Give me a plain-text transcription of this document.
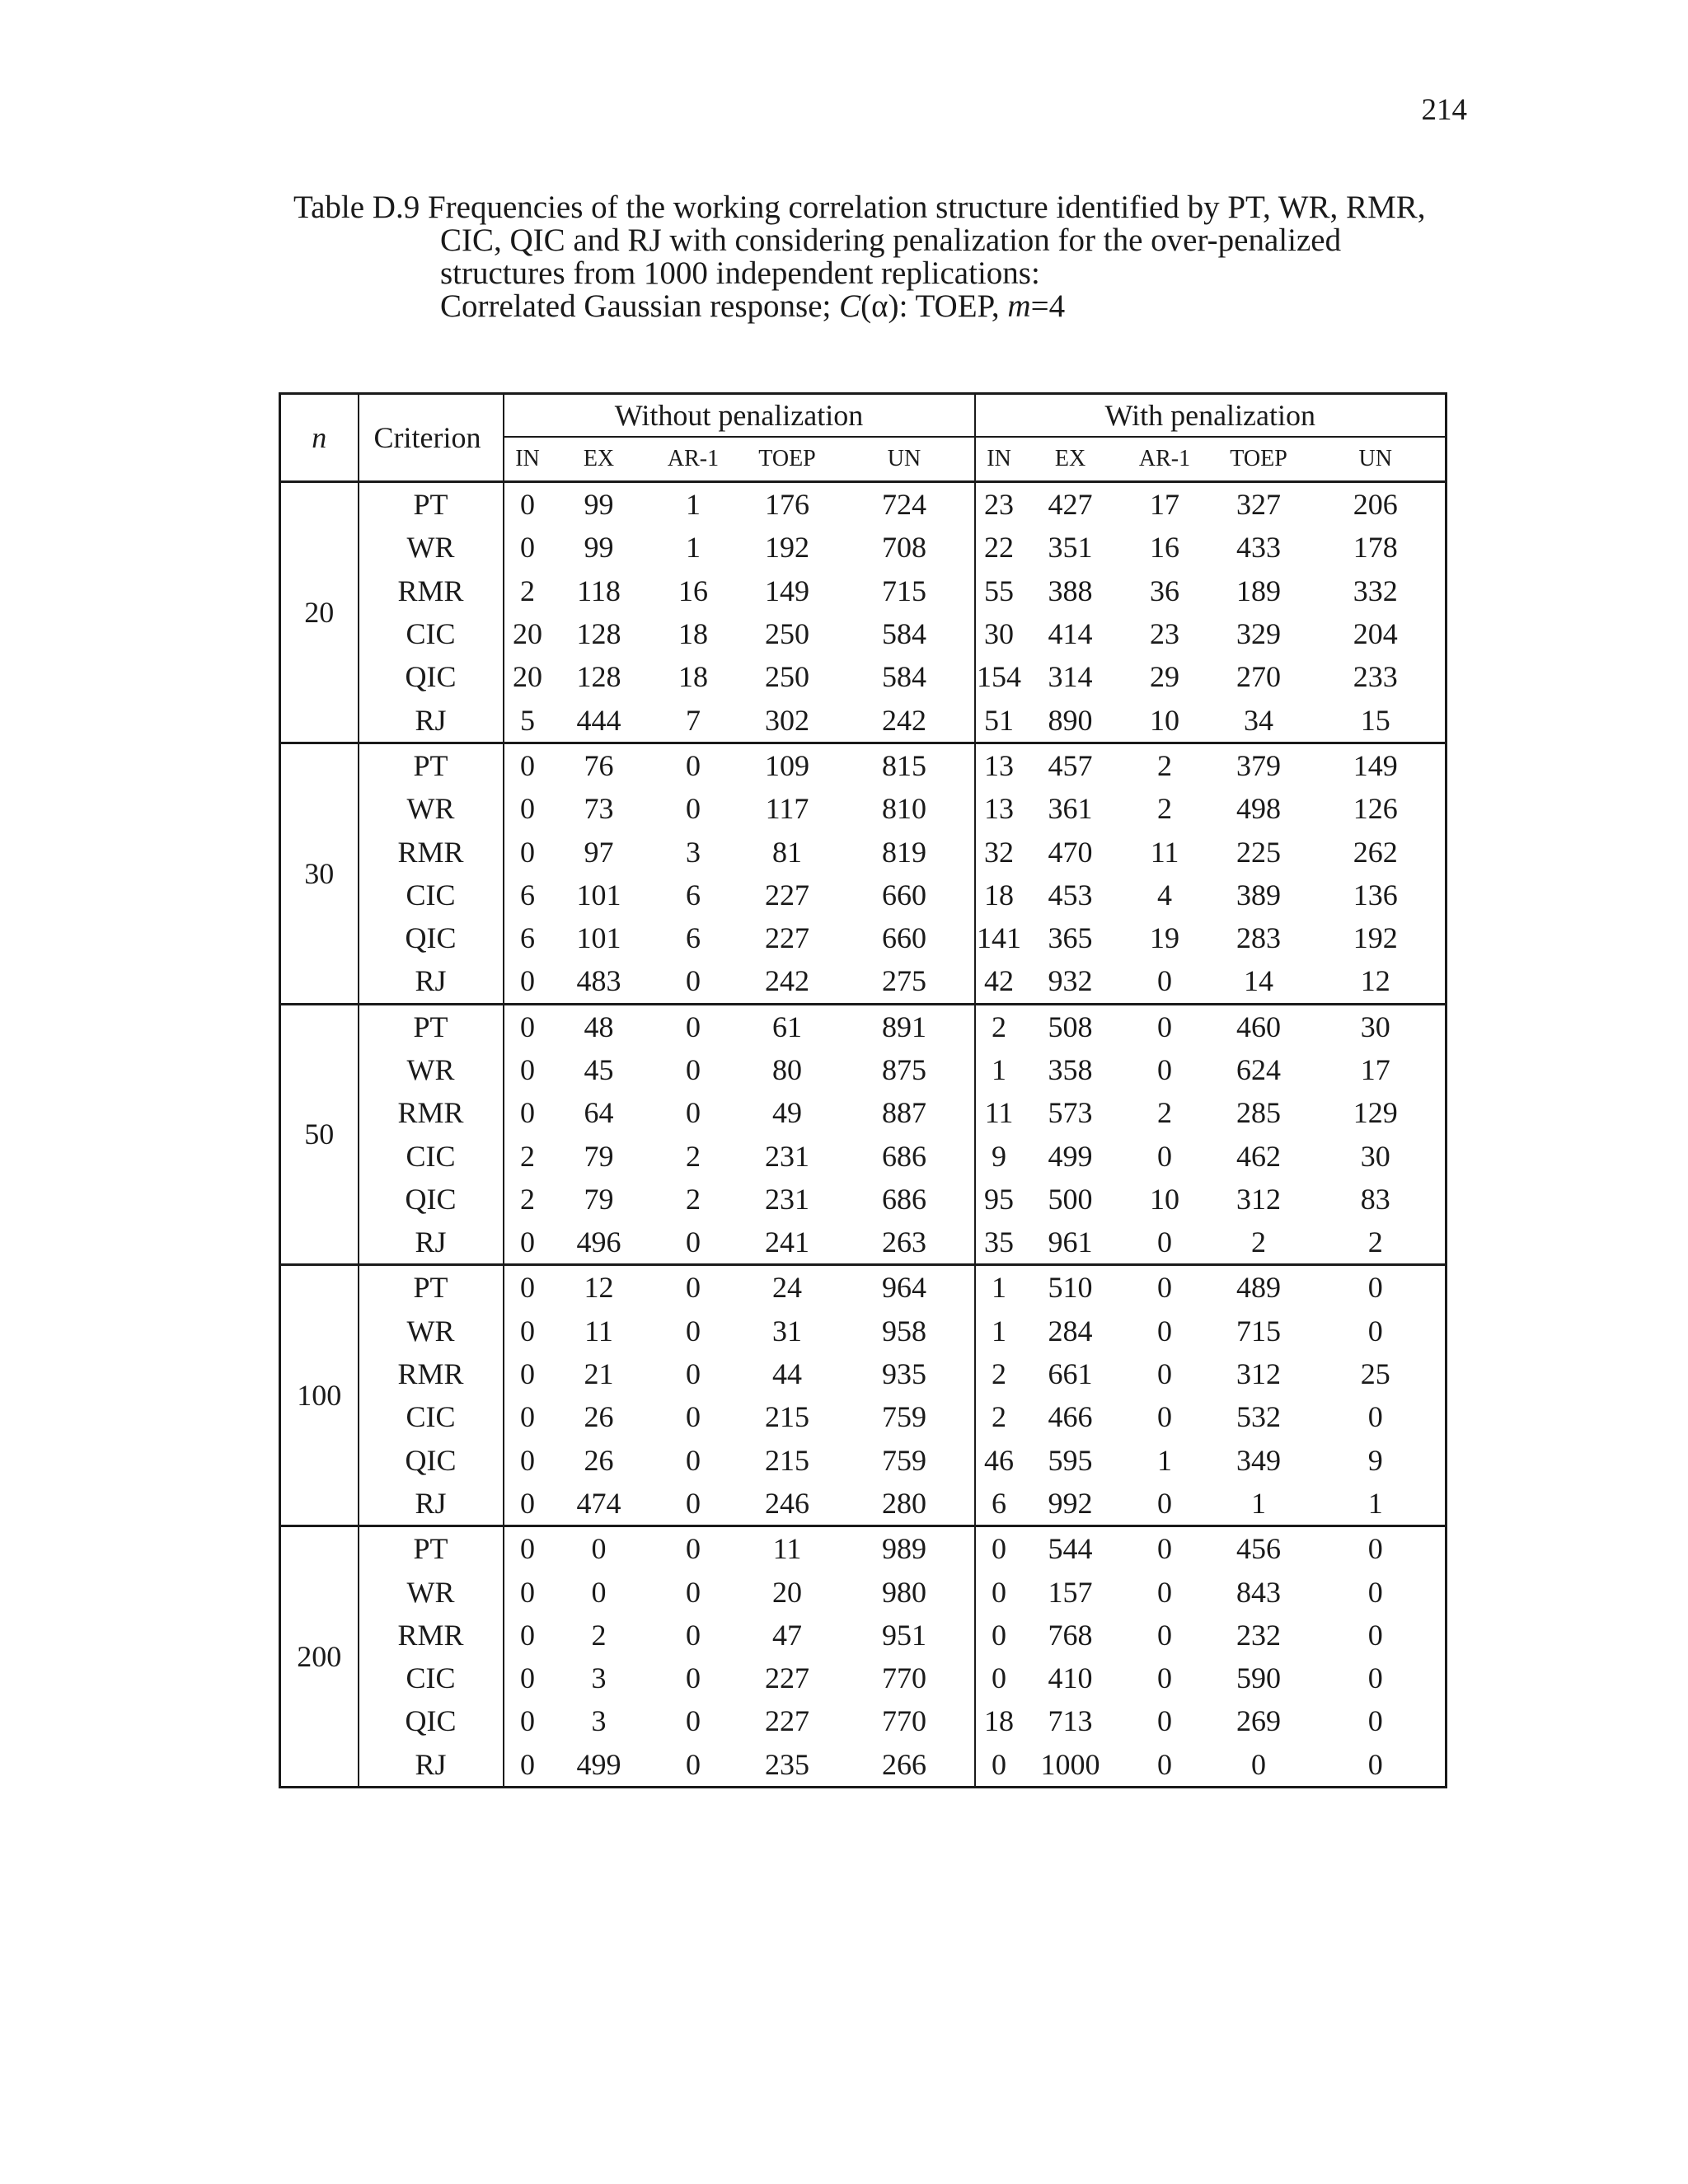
214
Table D.9 Frequencies of the working correlation structure identified by PT, WR, RMR,
CIC, QIC and RJ with considering penalization for the over-penalized
structures from 1000 independent replications:
Correlated Gaussian response; C(α): TOEP, m=4
n	Criterion	Without penalization					With penalization				
		IN	EX	AR-1	TOEP	UN	IN	EX	AR-1	TOEP	UN
20	PT	0	99	1	176	724	23	427	17	327	206
	WR	0	99	1	192	708	22	351	16	433	178
	RMR	2	118	16	149	715	55	388	36	189	332
	CIC	20	128	18	250	584	30	414	23	329	204
	QIC	20	128	18	250	584	154	314	29	270	233
	RJ	5	444	7	302	242	51	890	10	34	15
30	PT	0	76	0	109	815	13	457	2	379	149
	WR	0	73	0	117	810	13	361	2	498	126
	RMR	0	97	3	81	819	32	470	11	225	262
	CIC	6	101	6	227	660	18	453	4	389	136
	QIC	6	101	6	227	660	141	365	19	283	192
	RJ	0	483	0	242	275	42	932	0	14	12
50	PT	0	48	0	61	891	2	508	0	460	30
	WR	0	45	0	80	875	1	358	0	624	17
	RMR	0	64	0	49	887	11	573	2	285	129
	CIC	2	79	2	231	686	9	499	0	462	30
	QIC	2	79	2	231	686	95	500	10	312	83
	RJ	0	496	0	241	263	35	961	0	2	2
100	PT	0	12	0	24	964	1	510	0	489	0
	WR	0	11	0	31	958	1	284	0	715	0
	RMR	0	21	0	44	935	2	661	0	312	25
	CIC	0	26	0	215	759	2	466	0	532	0
	QIC	0	26	0	215	759	46	595	1	349	9
	RJ	0	474	0	246	280	6	992	0	1	1
200	PT	0	0	0	11	989	0	544	0	456	0
	WR	0	0	0	20	980	0	157	0	843	0
	RMR	0	2	0	47	951	0	768	0	232	0
	CIC	0	3	0	227	770	0	410	0	590	0
	QIC	0	3	0	227	770	18	713	0	269	0
	RJ	0	499	0	235	266	0	1000	0	0	0
